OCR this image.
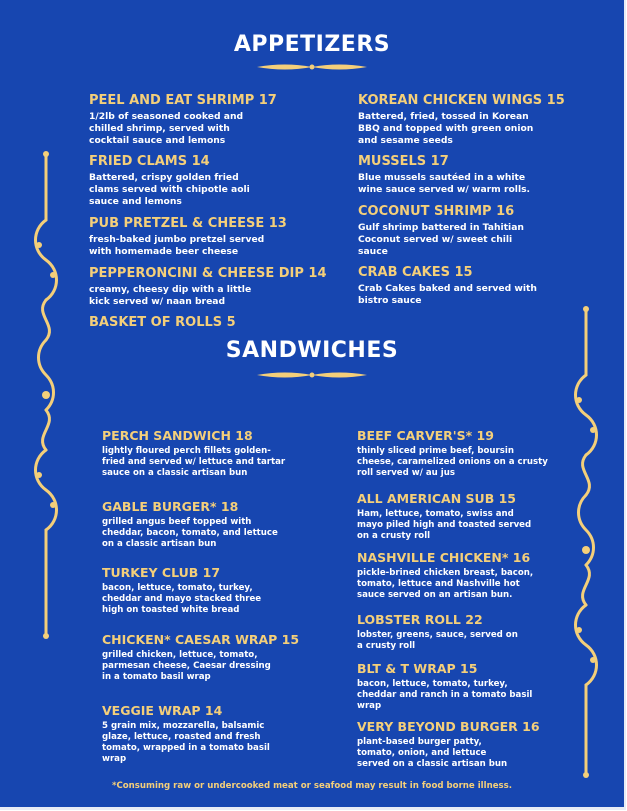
APPETIZERS
PEEL AND EAT SHRIMP 17
1/2lb of seasoned cooked and chilled shrimp, served with cocktail sauce and lemons
FRIED CLAMS 14
Battered, crispy golden fried clams served with chipotle aoli sauce and lemons
PUB PRETZEL & CHEESE 13
fresh-baked jumbo pretzel served with homemade beer cheese
PEPPERONCINI & CHEESE DIP 14
creamy, cheesy dip with a little kick served w/ naan bread
BASKET OF ROLLS 5
KOREAN CHICKEN WINGS 15
Battered, fried, tossed in Korean BBQ and topped with green onion and sesame seeds
MUSSELS 17
Blue mussels sautéed in a white wine sauce served w/ warm rolls.
COCONUT SHRIMP 16
Gulf shrimp battered in Tahitian Coconut served w/ sweet chili sauce
CRAB CAKES 15
Crab Cakes baked and served with bistro sauce
SANDWICHES
PERCH SANDWICH 18
lightly floured perch fillets golden-fried and served w/ lettuce and tartar sauce on a classic artisan bun
GABLE BURGER* 18
grilled angus beef topped with cheddar, bacon, tomato, and lettuce on a classic artisan bun
TURKEY CLUB 17
bacon, lettuce, tomato, turkey, cheddar and mayo stacked three high on toasted white bread
CHICKEN* CAESAR WRAP 15
grilled chicken, lettuce, tomato, parmesan cheese, Caesar dressing in a tomato basil wrap
VEGGIE WRAP 14
5 grain mix, mozzarella, balsamic glaze, lettuce, roasted and fresh tomato, wrapped in a tomato basil wrap
BEEF CARVER'S* 19
thinly sliced prime beef, boursin cheese, caramelized onions on a crusty roll served w/ au jus
ALL AMERICAN SUB 15
Ham, lettuce, tomato, swiss and mayo piled high and toasted served on a crusty roll
NASHVILLE CHICKEN* 16
pickle-brined chicken breast, bacon, tomato, lettuce and Nashville hot sauce served on an artisan bun.
LOBSTER ROLL 22
lobster, greens, sauce, served on a crusty roll
BLT & T WRAP 15
bacon, lettuce, tomato, turkey, cheddar and ranch in a tomato basil wrap
VERY BEYOND BURGER 16
plant-based burger patty, tomato, onion, and lettuce served on a classic artisan bun
*Consuming raw or undercooked meat or seafood may result in food borne illness.
